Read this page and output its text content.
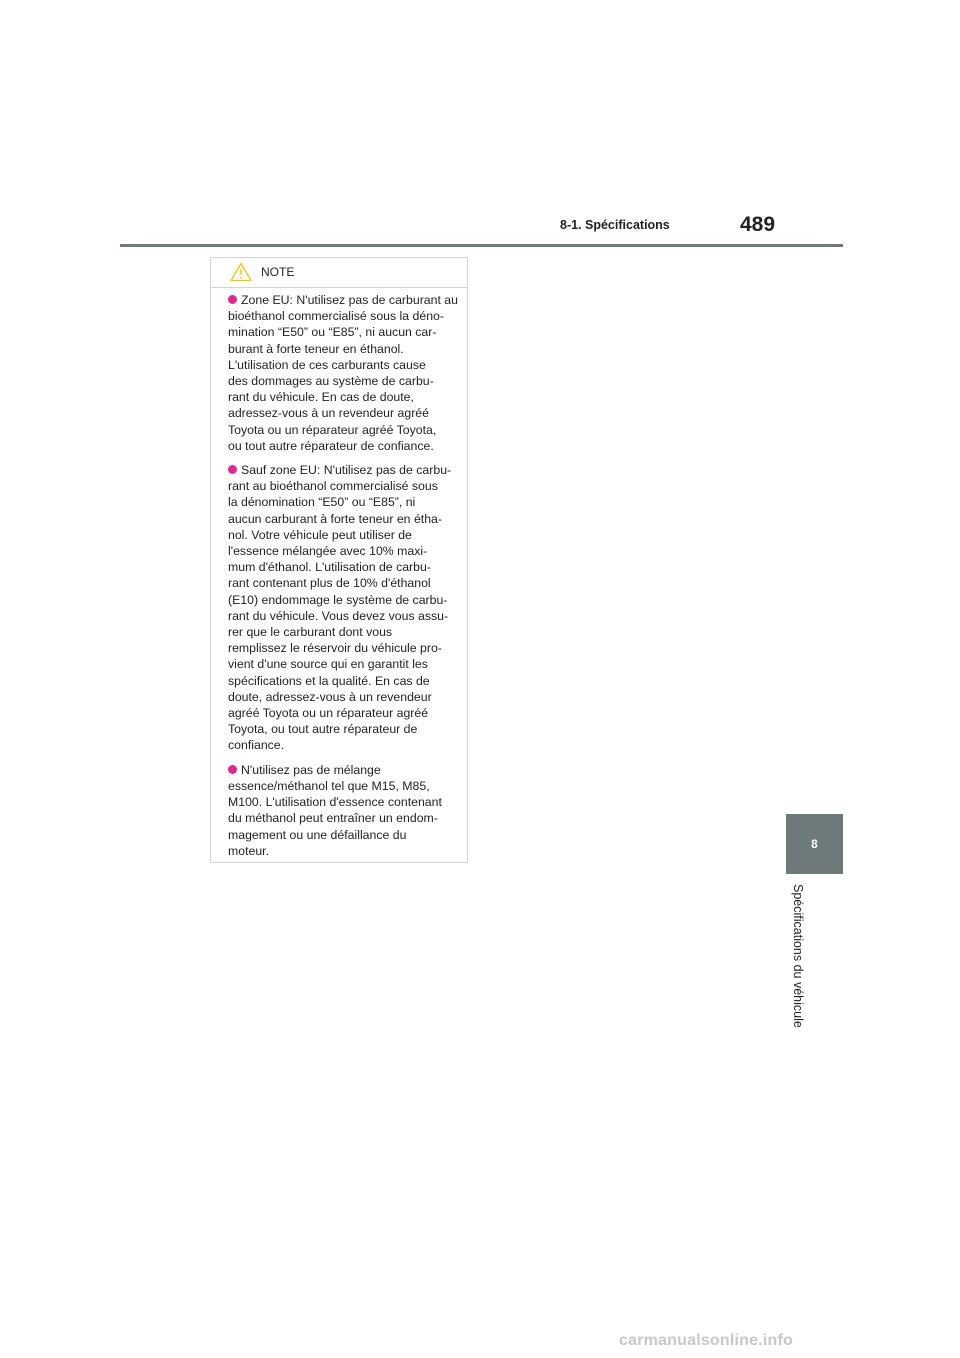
8-1. Spécifications	489
8
Spécifications du véhicule
NOTE
Zone EU: N'utilisez pas de carburant au
bioéthanol commercialisé sous la déno-
mination “E50” ou “E85”, ni aucun car-
burant à forte teneur en éthanol.
L'utilisation de ces carburants cause
des dommages au système de carbu-
rant du véhicule. En cas de doute,
adressez-vous à un revendeur agréé
Toyota ou un réparateur agréé Toyota,
ou tout autre réparateur de confiance.
Sauf zone EU: N'utilisez pas de carbu-
rant au bioéthanol commercialisé sous
la dénomination “E50” ou “E85”, ni
aucun carburant à forte teneur en étha-
nol. Votre véhicule peut utiliser de
l'essence mélangée avec 10% maxi-
mum d'éthanol. L'utilisation de carbu-
rant contenant plus de 10% d'éthanol
(E10) endommage le système de carbu-
rant du véhicule. Vous devez vous assu-
rer que le carburant dont vous
remplissez le réservoir du véhicule pro-
vient d'une source qui en garantit les
spécifications et la qualité. En cas de
doute, adressez-vous à un revendeur
agréé Toyota ou un réparateur agréé
Toyota, ou tout autre réparateur de
confiance.
N'utilisez pas de mélange
essence/méthanol tel que M15, M85,
M100. L'utilisation d'essence contenant
du méthanol peut entraîner un endom-
magement ou une défaillance du
moteur.
carmanualsonline.info
